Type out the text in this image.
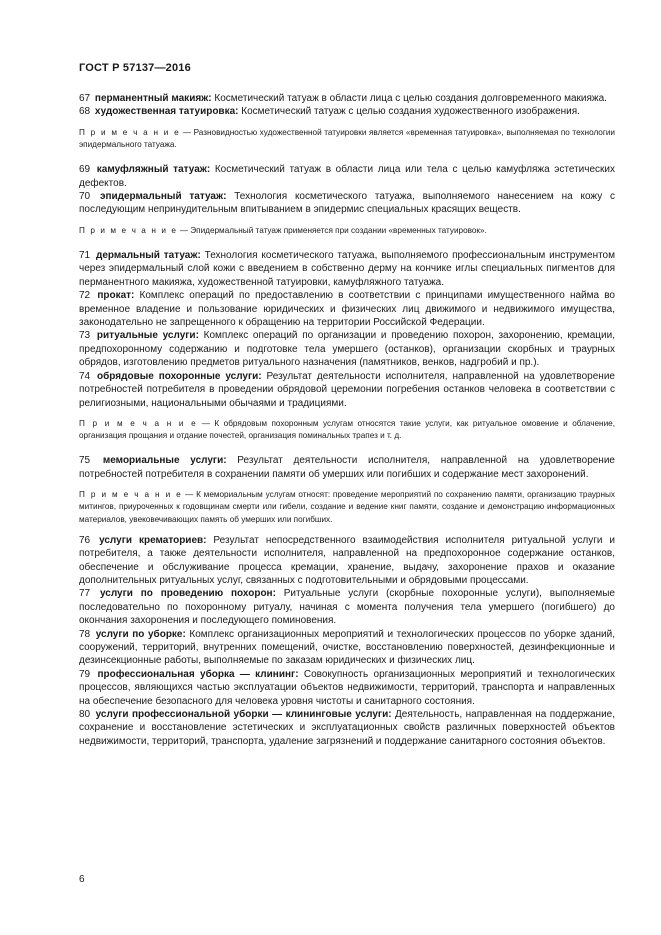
ГОСТ Р 57137—2016
67 перманентный макияж: Косметический татуаж в области лица с целью создания долговременного макияжа.
68 художественная татуировка: Косметический татуаж с целью создания художественного изображения.
П р и м е ч а н и е — Разновидностью художественной татуировки является «временная татуировка», выполняемая по технологии эпидермального татуажа.
69 камуфляжный татуаж: Косметический татуаж в области лица или тела с целью камуфляжа эстетических дефектов.
70 эпидермальный татуаж: Технология косметического татуажа, выполняемого нанесением на кожу с последующим непринудительным впитыванием в эпидермис специальных красящих веществ.
П р и м е ч а н и е — Эпидермальный татуаж применяется при создании «временных татуировок».
71 дермальный татуаж: Технология косметического татуажа, выполняемого профессиональным инструментом через эпидермальный слой кожи с введением в собственно дерму на кончике иглы специальных пигментов для перманентного макияжа, художественной татуировки, камуфляжного татуажа.
72 прокат: Комплекс операций по предоставлению в соответствии с принципами имущественного найма во временное владение и пользование юридических и физических лиц движимого и недвижимого имущества, законодательно не запрещенного к обращению на территории Российской Федерации.
73 ритуальные услуги: Комплекс операций по организации и проведению похорон, захоронению, кремации, предпохоронному содержанию и подготовке тела умершего (останков), организации скорбных и траурных обрядов, изготовлению предметов ритуального назначения (памятников, венков, надгробий и пр.).
74 обрядовые похоронные услуги: Результат деятельности исполнителя, направленной на удовлетворение потребностей потребителя в проведении обрядовой церемонии погребения останков человека в соответствии с религиозными, национальными обычаями и традициями.
П р и м е ч а н и е — К обрядовым похоронным услугам относятся такие услуги, как ритуальное омовение и облачение, организация прощания и отдание почестей, организация поминальных трапез и т. д.
75 мемориальные услуги: Результат деятельности исполнителя, направленной на удовлетворение потребностей потребителя в сохранении памяти об умерших или погибших и содержание мест захоронений.
П р и м е ч а н и е — К мемориальным услугам относят: проведение мероприятий по сохранению памяти, организацию траурных митингов, приуроченных к годовщинам смерти или гибели, создание и ведение книг памяти, создание и демонстрацию информационных материалов, увековечивающих память об умерших или погибших.
76 услуги крематориев: Результат непосредственного взаимодействия исполнителя ритуальной услуги и потребителя, а также деятельности исполнителя, направленной на предпохоронное содержание останков, обеспечение и обслуживание процесса кремации, хранение, выдачу, захоронение прахов и оказание дополнительных ритуальных услуг, связанных с подготовительными и обрядовыми процессами.
77 услуги по проведению похорон: Ритуальные услуги (скорбные похоронные услуги), выполняемые последовательно по похоронному ритуалу, начиная с момента получения тела умершего (погибшего) до окончания захоронения и последующего поминовения.
78 услуги по уборке: Комплекс организационных мероприятий и технологических процессов по уборке зданий, сооружений, территорий, внутренних помещений, очистке, восстановлению поверхностей, дезинфекционные и дезинсекционные работы, выполняемые по заказам юридических и физических лиц.
79 профессиональная уборка — клининг: Совокупность организационных мероприятий и технологических процессов, являющихся частью эксплуатации объектов недвижимости, территорий, транспорта и направленных на обеспечение безопасного для человека уровня чистоты и санитарного состояния.
80 услуги профессиональной уборки — клининговые услуги: Деятельность, направленная на поддержание, сохранение и восстановление эстетических и эксплуатационных свойств различных поверхностей объектов недвижимости, территорий, транспорта, удаление загрязнений и поддержание санитарного состояния объектов.
6
